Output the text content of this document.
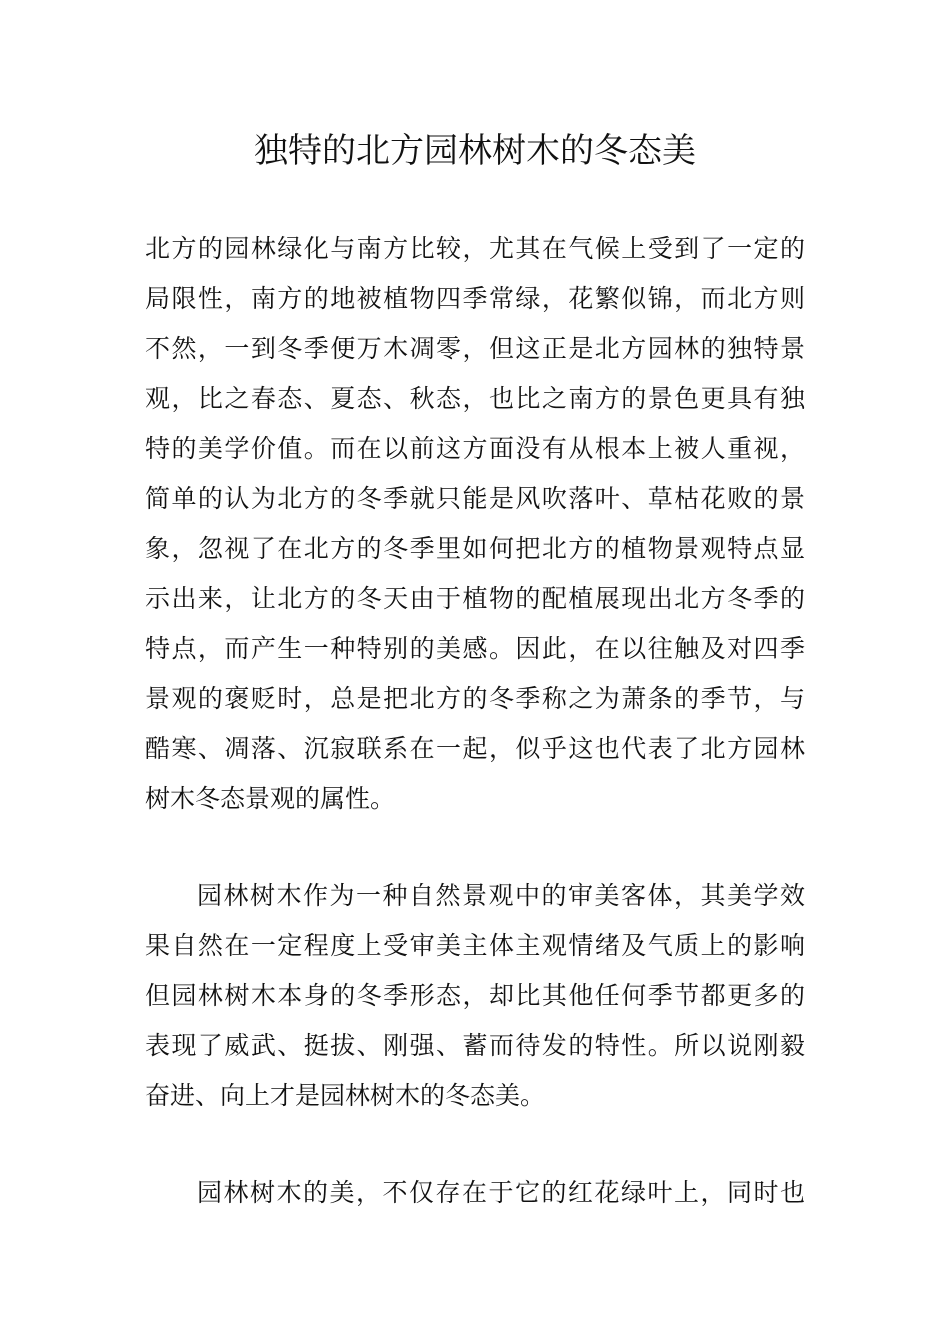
独特的北方园林树木的冬态美
北方的园林绿化与南方比较，尤其在气候上受到了一定的
局限性，南方的地被植物四季常绿，花繁似锦，而北方则
不然，一到冬季便万木凋零，但这正是北方园林的独特景
观，比之春态、夏态、秋态，也比之南方的景色更具有独
特的美学价值。而在以前这方面没有从根本上被人重视，
简单的认为北方的冬季就只能是风吹落叶、草枯花败的景
象，忽视了在北方的冬季里如何把北方的植物景观特点显
示出来，让北方的冬天由于植物的配植展现出北方冬季的
特点，而产生一种特别的美感。因此，在以往触及对四季
景观的褒贬时，总是把北方的冬季称之为萧条的季节，与
酷寒、凋落、沉寂联系在一起，似乎这也代表了北方园林
树木冬态景观的属性。
园林树木作为一种自然景观中的审美客体，其美学效
果自然在一定程度上受审美主体主观情绪及气质上的影响
但园林树木本身的冬季形态，却比其他任何季节都更多的
表现了威武、挺拔、刚强、蓄而待发的特性。所以说刚毅
奋进、向上才是园林树木的冬态美。
园林树木的美，不仅存在于它的红花绿叶上，同时也
